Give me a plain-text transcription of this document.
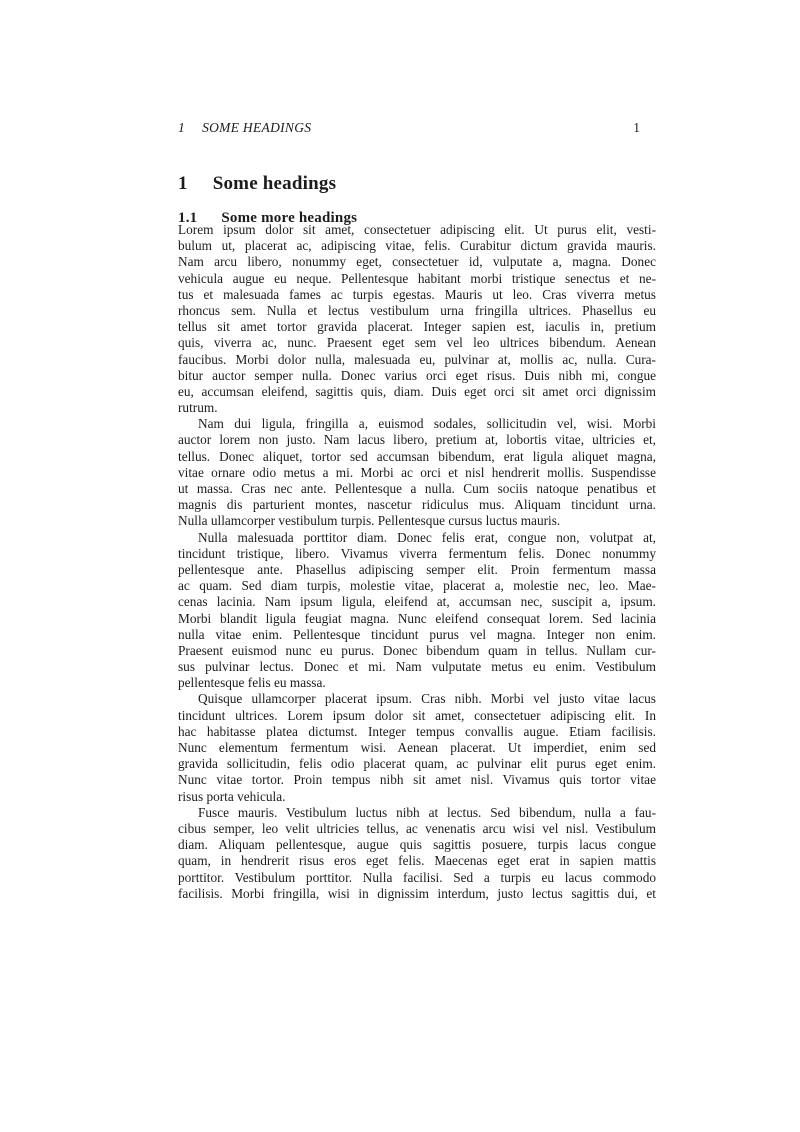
1 SOME HEADINGS	1
1 Some headings
1.1 Some more headings
Lorem ipsum dolor sit amet, consectetuer adipiscing elit. Ut purus elit, vesti-
bulum ut, placerat ac, adipiscing vitae, felis. Curabitur dictum gravida mauris.
Nam arcu libero, nonummy eget, consectetuer id, vulputate a, magna. Donec
vehicula augue eu neque. Pellentesque habitant morbi tristique senectus et ne-
tus et malesuada fames ac turpis egestas. Mauris ut leo. Cras viverra metus
rhoncus sem. Nulla et lectus vestibulum urna fringilla ultrices. Phasellus eu
tellus sit amet tortor gravida placerat. Integer sapien est, iaculis in, pretium
quis, viverra ac, nunc. Praesent eget sem vel leo ultrices bibendum. Aenean
faucibus. Morbi dolor nulla, malesuada eu, pulvinar at, mollis ac, nulla. Cura-
bitur auctor semper nulla. Donec varius orci eget risus. Duis nibh mi, congue
eu, accumsan eleifend, sagittis quis, diam. Duis eget orci sit amet orci dignissim
rutrum.
Nam dui ligula, fringilla a, euismod sodales, sollicitudin vel, wisi. Morbi
auctor lorem non justo. Nam lacus libero, pretium at, lobortis vitae, ultricies et,
tellus. Donec aliquet, tortor sed accumsan bibendum, erat ligula aliquet magna,
vitae ornare odio metus a mi. Morbi ac orci et nisl hendrerit mollis. Suspendisse
ut massa. Cras nec ante. Pellentesque a nulla. Cum sociis natoque penatibus et
magnis dis parturient montes, nascetur ridiculus mus. Aliquam tincidunt urna.
Nulla ullamcorper vestibulum turpis. Pellentesque cursus luctus mauris.
Nulla malesuada porttitor diam. Donec felis erat, congue non, volutpat at,
tincidunt tristique, libero. Vivamus viverra fermentum felis. Donec nonummy
pellentesque ante. Phasellus adipiscing semper elit. Proin fermentum massa
ac quam. Sed diam turpis, molestie vitae, placerat a, molestie nec, leo. Mae-
cenas lacinia. Nam ipsum ligula, eleifend at, accumsan nec, suscipit a, ipsum.
Morbi blandit ligula feugiat magna. Nunc eleifend consequat lorem. Sed lacinia
nulla vitae enim. Pellentesque tincidunt purus vel magna. Integer non enim.
Praesent euismod nunc eu purus. Donec bibendum quam in tellus. Nullam cur-
sus pulvinar lectus. Donec et mi. Nam vulputate metus eu enim. Vestibulum
pellentesque felis eu massa.
Quisque ullamcorper placerat ipsum. Cras nibh. Morbi vel justo vitae lacus
tincidunt ultrices. Lorem ipsum dolor sit amet, consectetuer adipiscing elit. In
hac habitasse platea dictumst. Integer tempus convallis augue. Etiam facilisis.
Nunc elementum fermentum wisi. Aenean placerat. Ut imperdiet, enim sed
gravida sollicitudin, felis odio placerat quam, ac pulvinar elit purus eget enim.
Nunc vitae tortor. Proin tempus nibh sit amet nisl. Vivamus quis tortor vitae
risus porta vehicula.
Fusce mauris. Vestibulum luctus nibh at lectus. Sed bibendum, nulla a fau-
cibus semper, leo velit ultricies tellus, ac venenatis arcu wisi vel nisl. Vestibulum
diam. Aliquam pellentesque, augue quis sagittis posuere, turpis lacus congue
quam, in hendrerit risus eros eget felis. Maecenas eget erat in sapien mattis
porttitor. Vestibulum porttitor. Nulla facilisi. Sed a turpis eu lacus commodo
facilisis. Morbi fringilla, wisi in dignissim interdum, justo lectus sagittis dui, et
